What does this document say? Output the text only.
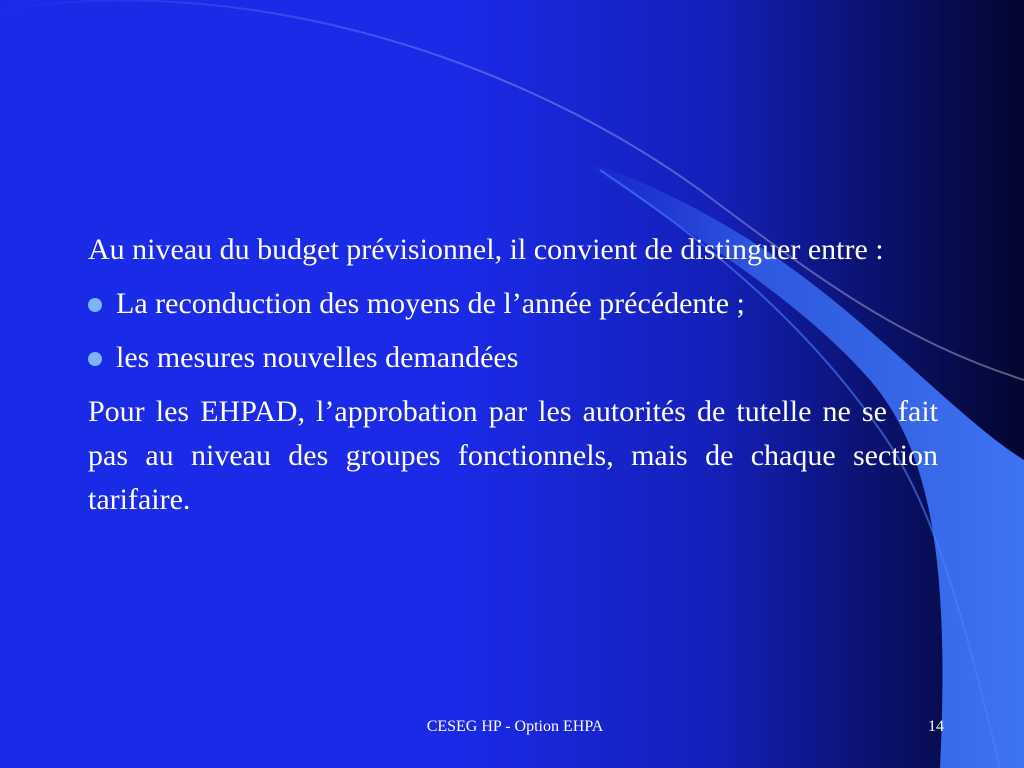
Au niveau du budget prévisionnel, il convient de distinguer entre :

La reconduction des moyens de l’année précédente ;
les mesures nouvelles demandées

Pour les EHPAD, l’approbation par les autorités de tutelle ne se fait pas au niveau des groupes fonctionnels, mais de chaque section tarifaire.

CESEG HP - Option EHPA	14
